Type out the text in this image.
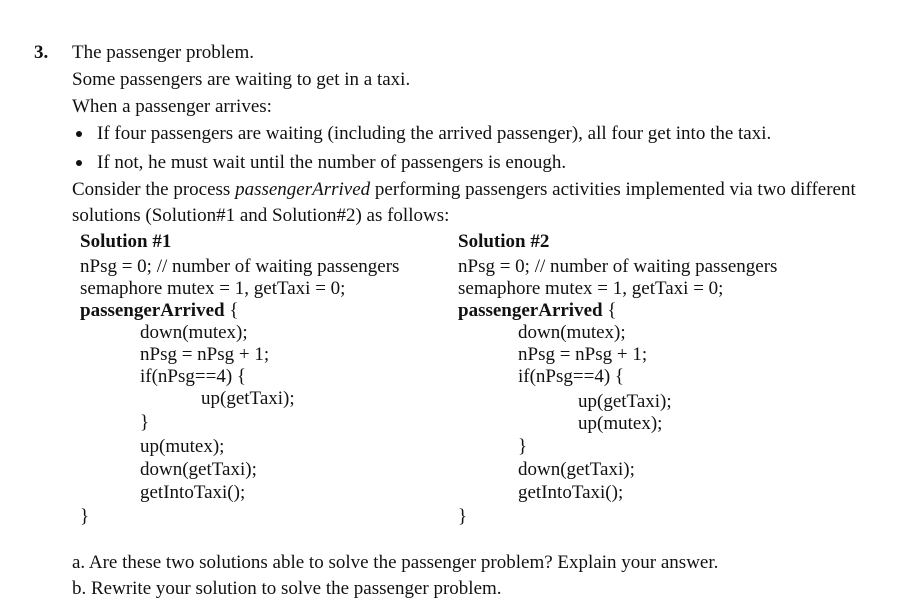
3. The passenger problem.
Some passengers are waiting to get in a taxi.
When a passenger arrives:
If four passengers are waiting (including the arrived passenger), all four get into the taxi.
If not, he must wait until the number of passengers is enough.
Consider the process passengerArrived performing passengers activities implemented via two different
solutions (Solution#1 and Solution#2) as follows:
Solution #1
nPsg = 0; // number of waiting passengers
semaphore mutex = 1, getTaxi = 0;
passengerArrived {
down(mutex);
nPsg = nPsg + 1;
if(nPsg==4) {
up(getTaxi);
}
up(mutex);
down(getTaxi);
getIntoTaxi();
}
Solution #2
nPsg = 0; // number of waiting passengers
semaphore mutex = 1, getTaxi = 0;
passengerArrived {
down(mutex);
nPsg = nPsg + 1;
if(nPsg==4) {
up(getTaxi);
up(mutex);
}
down(getTaxi);
getIntoTaxi();
}
a. Are these two solutions able to solve the passenger problem? Explain your answer.
b. Rewrite your solution to solve the passenger problem.
